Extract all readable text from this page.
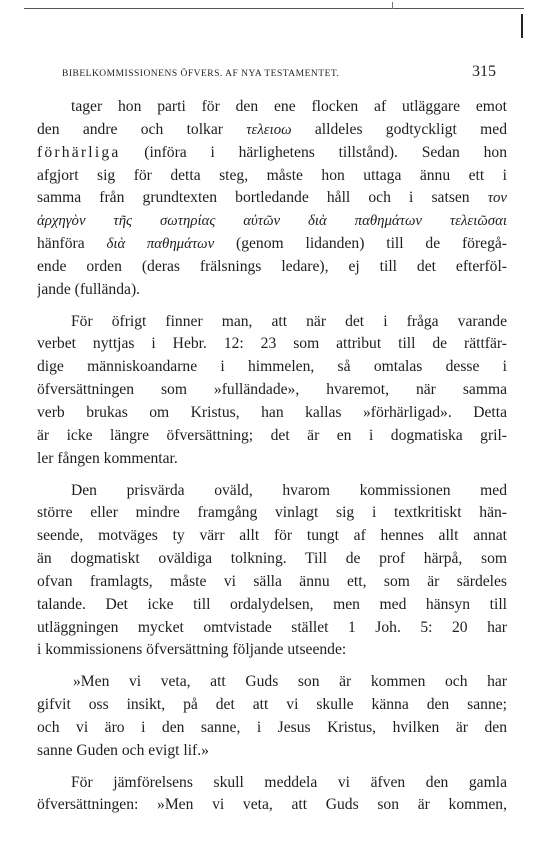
BIBELKOMMISSIONENS ÖFVERS. AF NYA TESTAMENTET.	315
tager hon parti för den ene flocken af utläggare emot
den andre och tolkar τελειοω alldeles godtyckligt med
förhärliga (införa i härlighetens tillstånd). Sedan hon
afgjort sig för detta steg, måste hon uttaga ännu ett i
samma från grundtexten bortledande håll och i satsen τον
ἀρχηγὸν τῆς σωτηρίας αὐτῶν διὰ παθημάτων τελειῶσαι
hänföra διὰ παθημάτων (genom lidanden) till de föregå-
ende orden (deras frälsnings ledare), ej till det efterföl-
jande (fullända).
För öfrigt finner man, att när det i fråga varande
verbet nyttjas i Hebr. 12: 23 som attribut till de rättfär-
dige människoandarne i himmelen, så omtalas desse i
öfversättningen som »fulländade», hvaremot, när samma
verb brukas om Kristus, han kallas »förhärligad». Detta
är icke längre öfversättning; det är en i dogmatiska gril-
ler fången kommentar.
Den prisvärda oväld, hvarom kommissionen med
större eller mindre framgång vinlagt sig i textkritiskt hän-
seende, motväges ty värr allt för tungt af hennes allt annat
än dogmatiskt oväldiga tolkning. Till de prof härpå, som
ofvan framlagts, måste vi sälla ännu ett, som är särdeles
talande. Det icke till ordalydelsen, men med hänsyn till
utläggningen mycket omtvistade stället 1 Joh. 5: 20 har
i kommissionens öfversättning följande utseende:
»Men vi veta, att Guds son är kommen och har
gifvit oss insikt, på det att vi skulle känna den sanne;
och vi äro i den sanne, i Jesus Kristus, hvilken är den
sanne Guden och evigt lif.»
För jämförelsens skull meddela vi äfven den gamla
öfversättningen: »Men vi veta, att Guds son är kommen,
